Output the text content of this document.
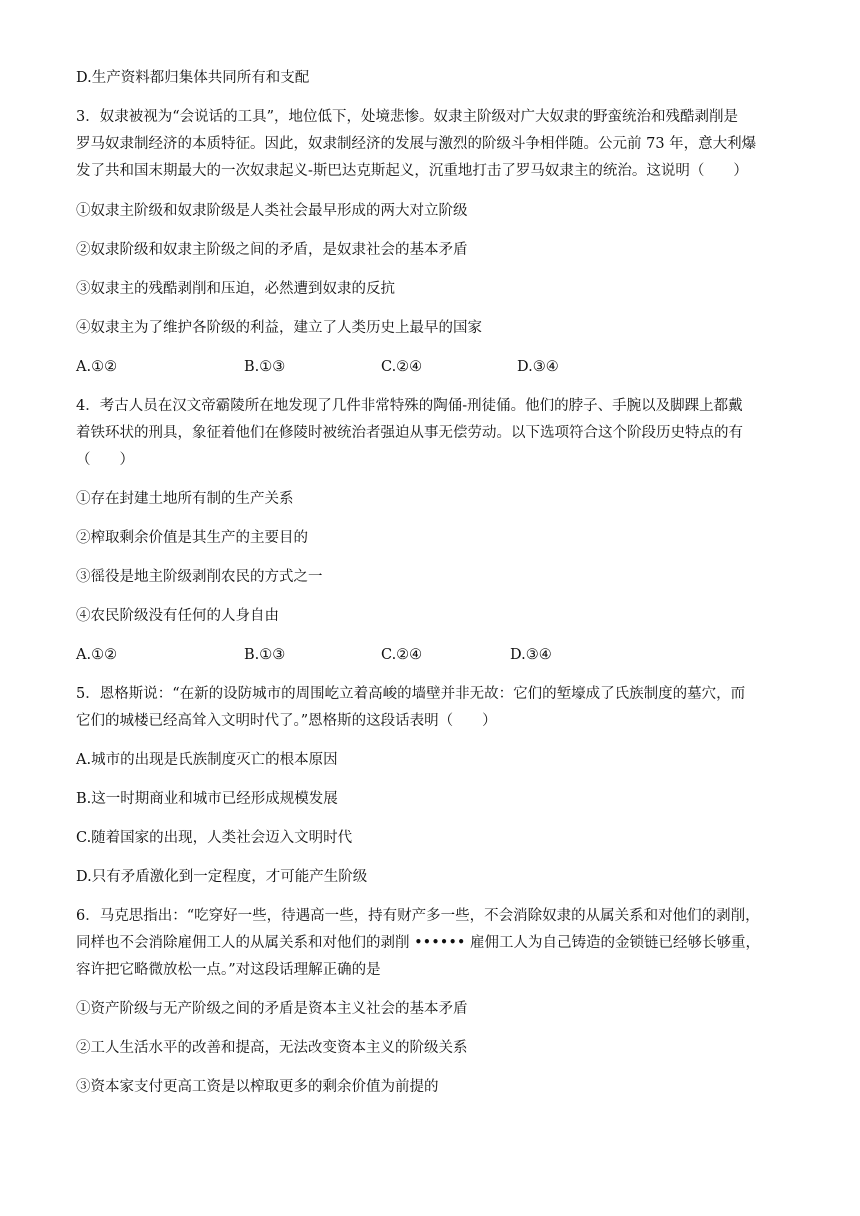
D.生产资料都归集体共同所有和支配
3．奴隶被视为“会说话的工具”，地位低下，处境悲惨。奴隶主阶级对广大奴隶的野蛮统治和残酷剥削是
罗马奴隶制经济的本质特征。因此，奴隶制经济的发展与激烈的阶级斗争相伴随。公元前 73 年，意大利爆
发了共和国末期最大的一次奴隶起义-斯巴达克斯起义，沉重地打击了罗马奴隶主的统治。这说明（　　）
①奴隶主阶级和奴隶阶级是人类社会最早形成的两大对立阶级
②奴隶阶级和奴隶主阶级之间的矛盾，是奴隶社会的基本矛盾
③奴隶主的残酷剥削和压迫，必然遭到奴隶的反抗
④奴隶主为了维护各阶级的利益，建立了人类历史上最早的国家
A.①②	B.①③	C.②④	D.③④
4．考古人员在汉文帝霸陵所在地发现了几件非常特殊的陶俑-刑徒俑。他们的脖子、手腕以及脚踝上都戴
着铁环状的刑具，象征着他们在修陵时被统治者强迫从事无偿劳动。以下选项符合这个阶段历史特点的有
（　　）
①存在封建土地所有制的生产关系
②榨取剩余价值是其生产的主要目的
③徭役是地主阶级剥削农民的方式之一
④农民阶级没有任何的人身自由
A.①②	B.①③	C.②④	D.③④
5．恩格斯说：“在新的设防城市的周围屹立着高峻的墙壁并非无故：它们的堑壕成了氏族制度的墓穴，而
它们的城楼已经高耸入文明时代了。”恩格斯的这段话表明（　　）
A.城市的出现是氏族制度灭亡的根本原因
B.这一时期商业和城市已经形成规模发展
C.随着国家的出现，人类社会迈入文明时代
D.只有矛盾激化到一定程度，才可能产生阶级
6．马克思指出：“吃穿好一些，待遇高一些，持有财产多一些，不会消除奴隶的从属关系和对他们的剥削，
同样也不会消除雇佣工人的从属关系和对他们的剥削 •••••• 雇佣工人为自己铸造的金锁链已经够长够重，
容许把它略微放松一点。”对这段话理解正确的是
①资产阶级与无产阶级之间的矛盾是资本主义社会的基本矛盾
②工人生活水平的改善和提高，无法改变资本主义的阶级关系
③资本家支付更高工资是以榨取更多的剩余价值为前提的
